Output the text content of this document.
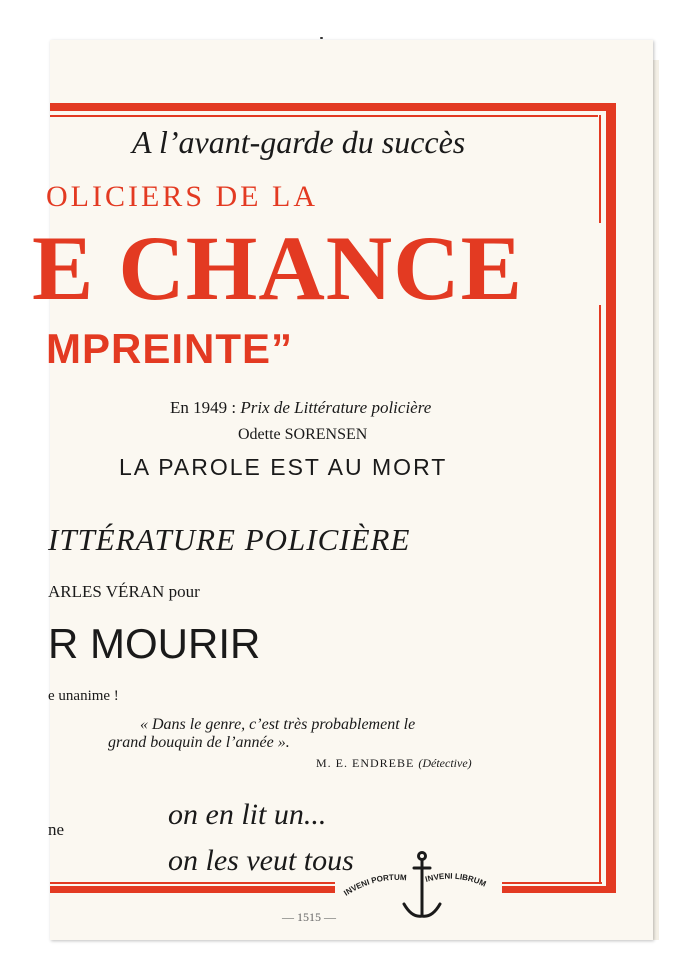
A l’avant-garde du succès
OLICIERS DE LA
E CHANCE
MPREINTE”
En 1949 : Prix de Littérature policière
Odette SORENSEN
LA PAROLE EST AU MORT
ITTÉRATURE POLICIÈRE
ARLES VÉRAN pour
R MOURIR
e unanime !
« Dans le genre, c’est très probablement le
grand bouquin de l’année ».
M. E. ENDREBE (Détective)
ne	on en lit un...
on les veut tous
INVENI PORTUM INVENI LIBRUM
— 1515 —
